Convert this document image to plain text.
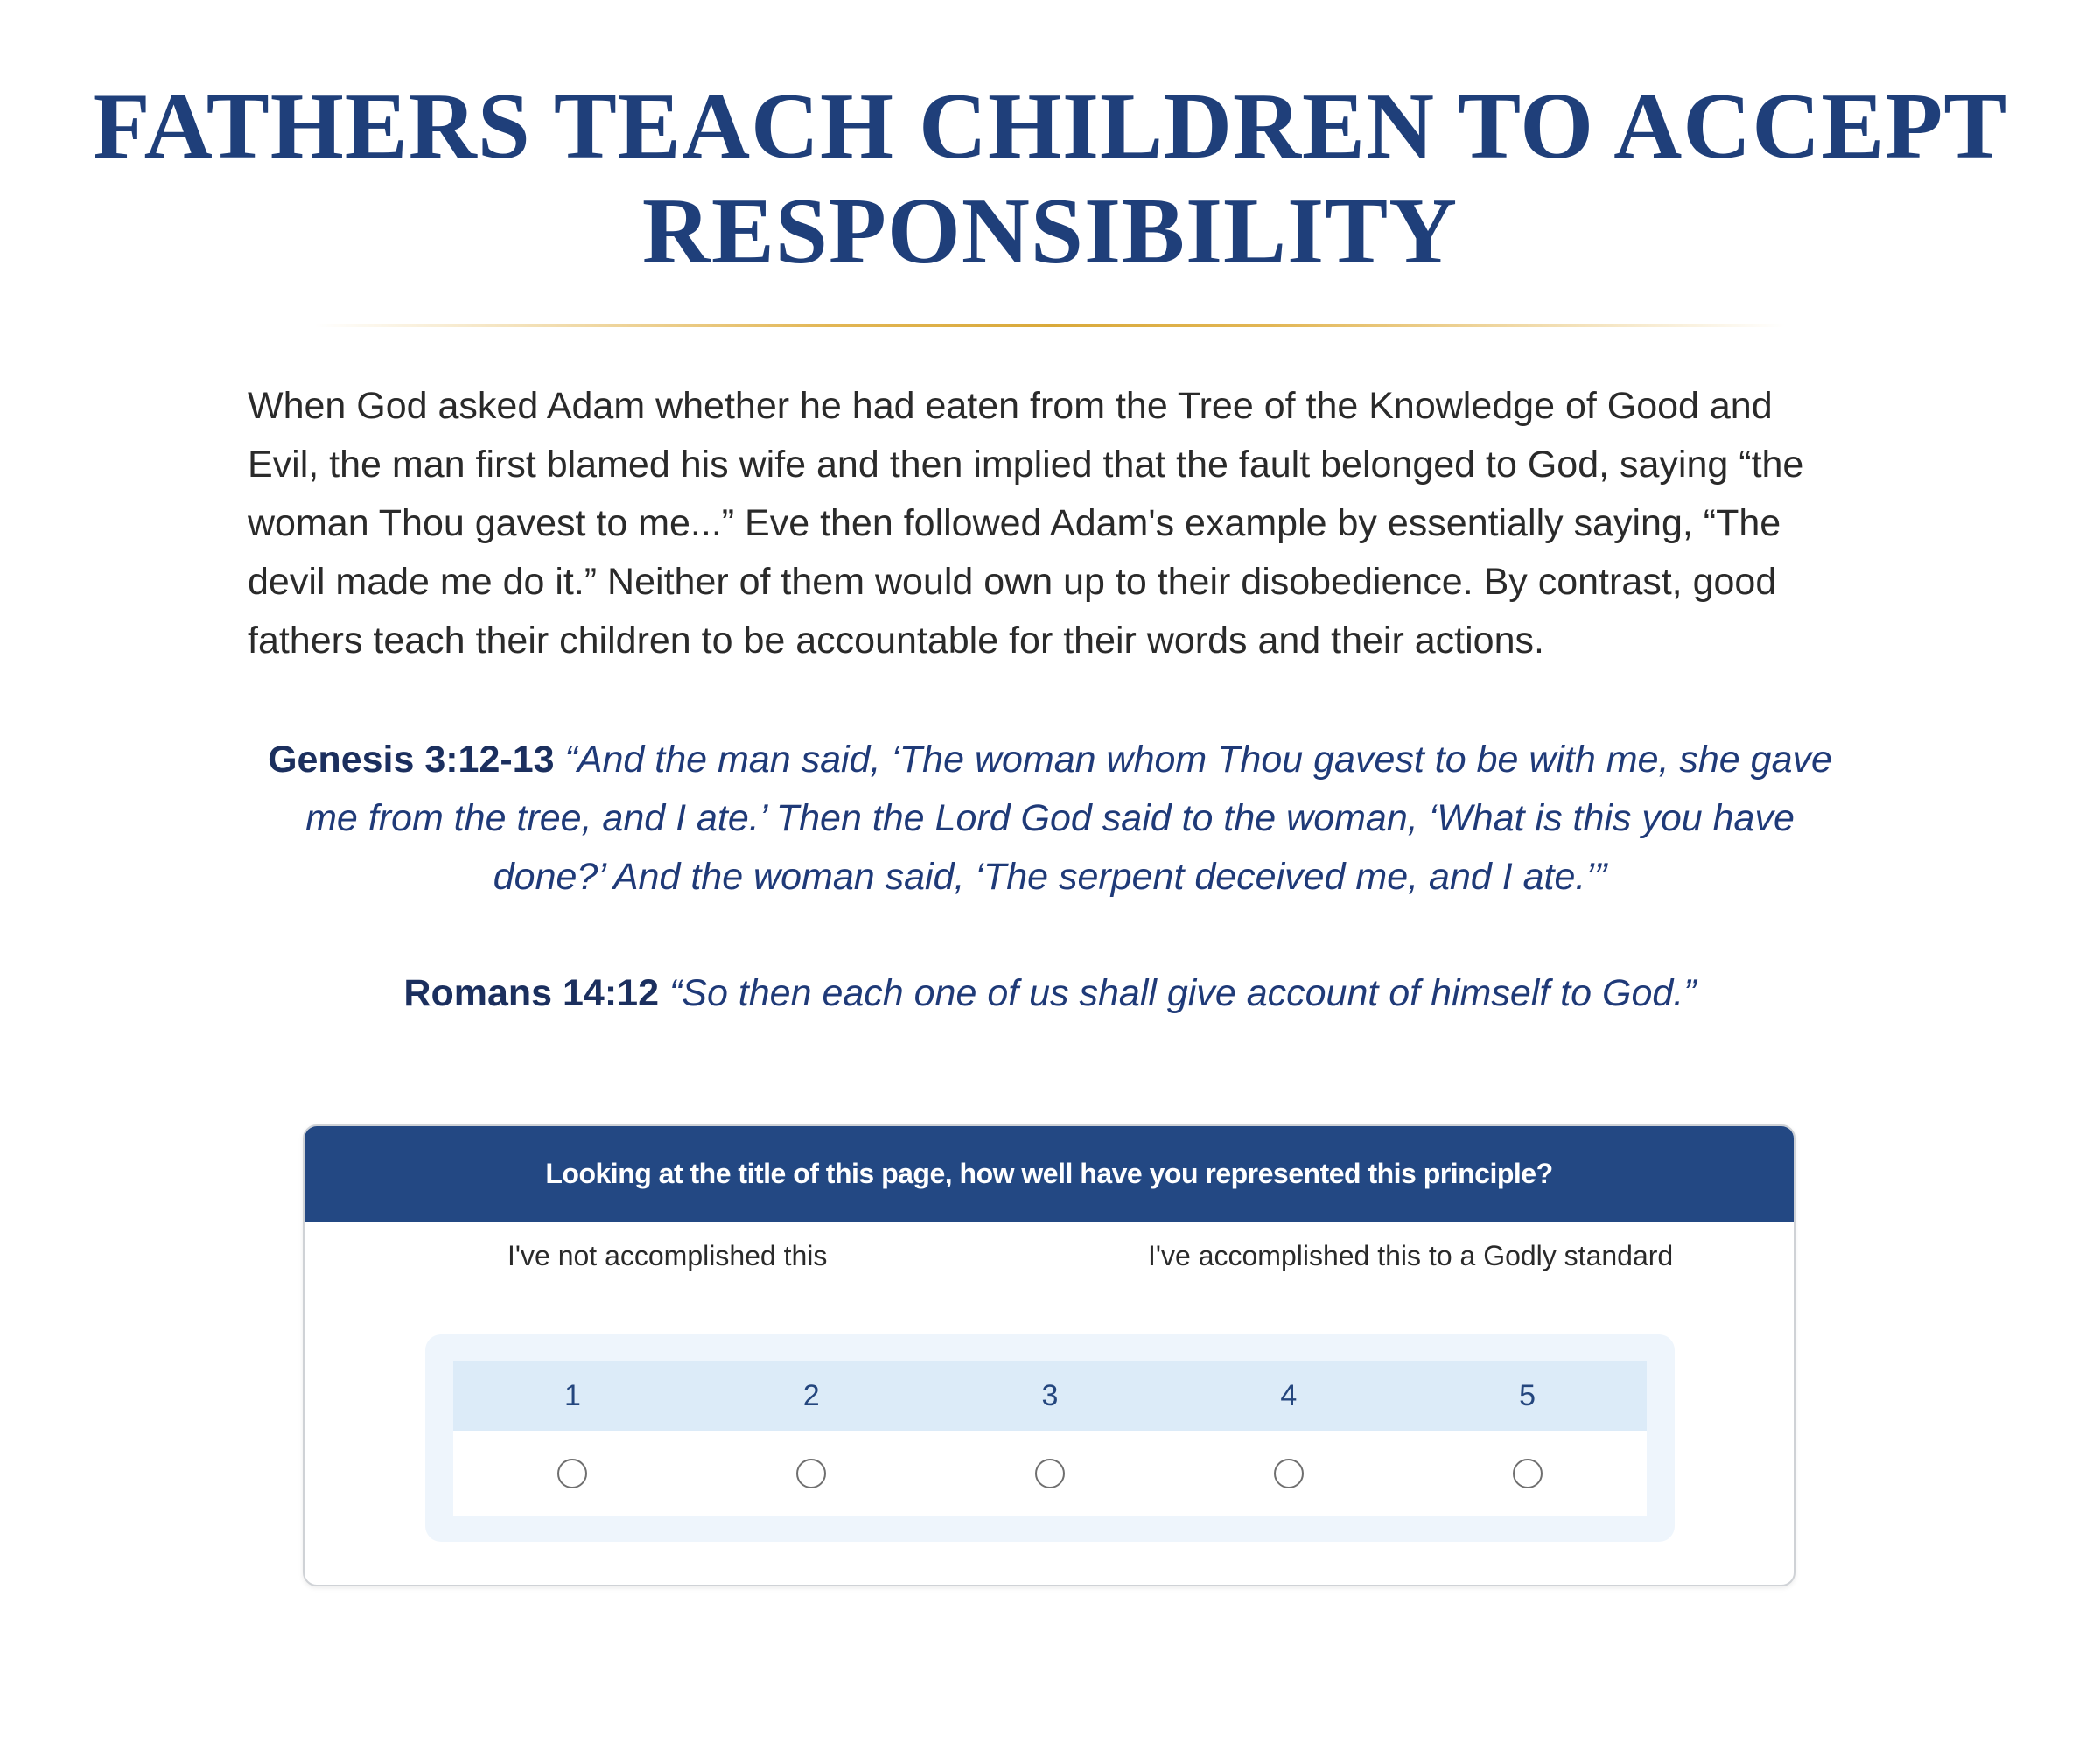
FATHERS TEACH CHILDREN TO ACCEPT RESPONSIBILITY

When God asked Adam whether he had eaten from the Tree of the Knowledge of Good and Evil, the man first blamed his wife and then implied that the fault belonged to God, saying “the woman Thou gavest to me...” Eve then followed Adam's example by essentially saying, “The devil made me do it.” Neither of them would own up to their disobedience. By contrast, good fathers teach their children to be accountable for their words and their actions.

Genesis 3:12-13 “And the man said, ‘The woman whom Thou gavest to be with me, she gave me from the tree, and I ate.’ Then the Lord God said to the woman, ‘What is this you have done?’ And the woman said, ‘The serpent deceived me, and I ate.’”

Romans 14:12 “So then each one of us shall give account of himself to God.”

Looking at the title of this page, how well have you represented this principle?
I've not accomplished this	I've accomplished this to a Godly standard
1	2	3	4	5
